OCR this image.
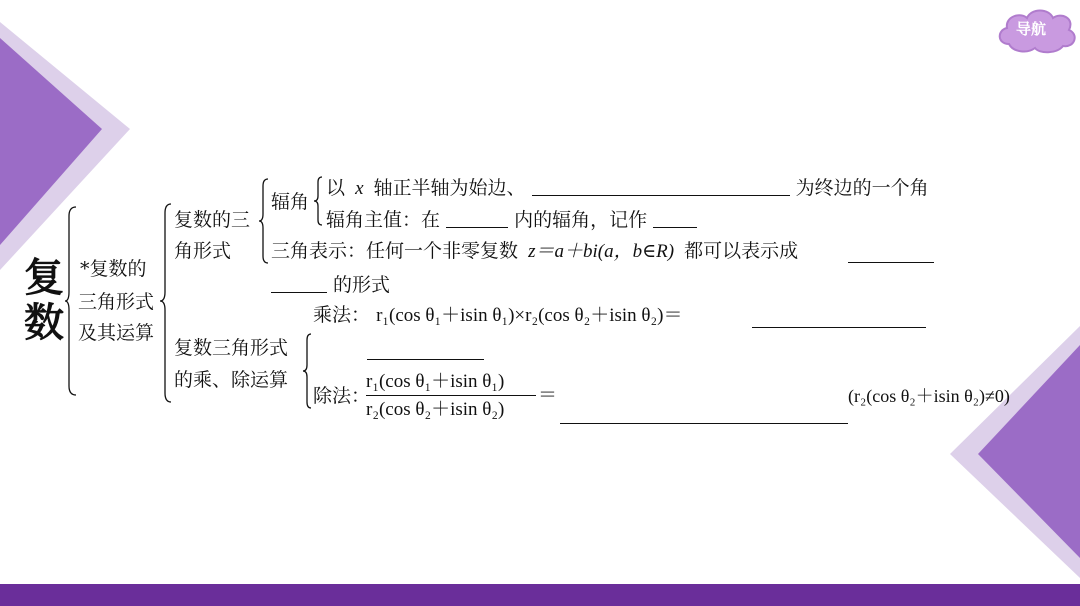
导航
复
数
*复数的
三角形式
及其运算
复数的三
角形式
辐角
以 x 轴正半轴为始边、	为终边的一个角
辐角主值：在	内的辐角，记作
三角表示：任何一个非零复数 z＝a＋bi(a，b∈R) 都可以表示成
的形式
复数三角形式
的乘、除运算
乘法： r₁(cos θ₁＋isin θ₁)×r₂(cos θ₂＋isin θ₂)＝
除法：
r₁(cos θ₁＋isin θ₁)
r₂(cos θ₂＋isin θ₂)
＝	(r₂(cos θ₂＋isin θ₂)≠0)
